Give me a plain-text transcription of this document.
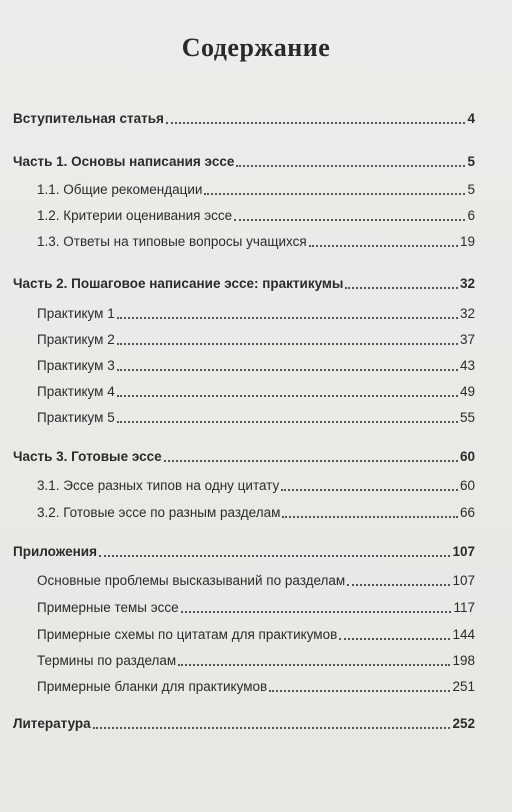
Содержание
Вступительная статья	4
Часть 1. Основы написания эссе	5
1.1. Общие рекомендации	5
1.2. Критерии оценивания эссе	6
1.3. Ответы на типовые вопросы учащихся	19
Часть 2. Пошаговое написание эссе: практикумы	32
Практикум 1	32
Практикум 2	37
Практикум 3	43
Практикум 4	49
Практикум 5	55
Часть 3. Готовые эссе	60
3.1. Эссе разных типов на одну цитату	60
3.2. Готовые эссе по разным разделам	66
Приложения	107
Основные проблемы высказываний по разделам	107
Примерные темы эссе	117
Примерные схемы по цитатам для практикумов	144
Термины по разделам	198
Примерные бланки для практикумов	251
Литература	252
